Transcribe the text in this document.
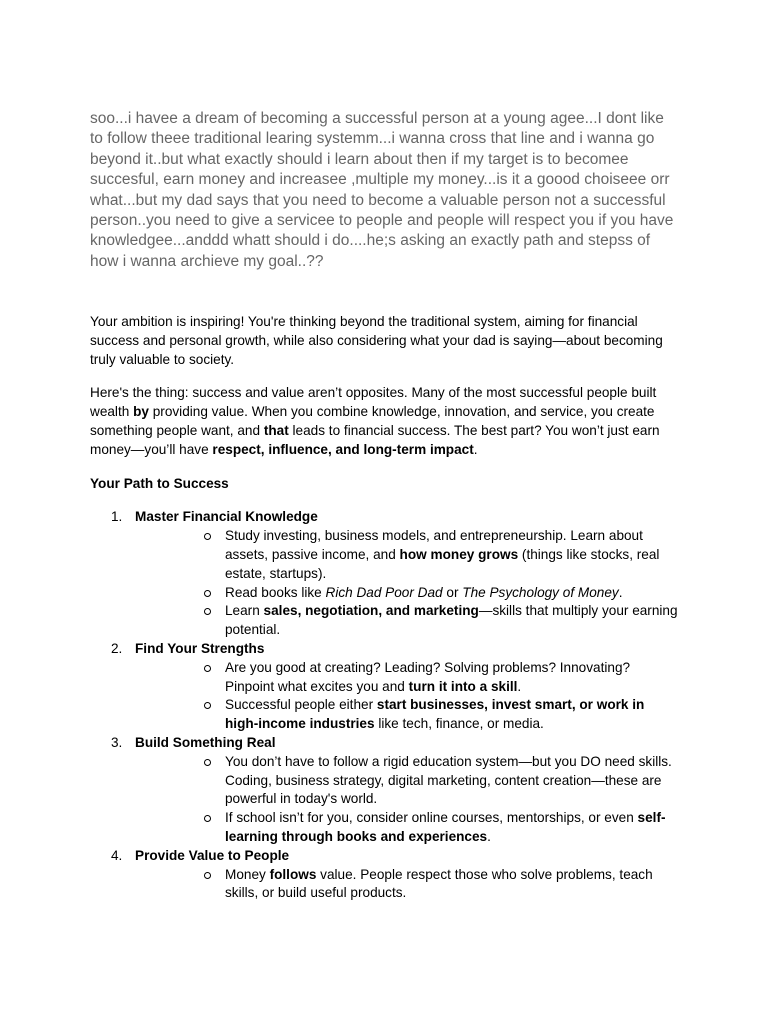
soo...i havee a dream of becoming a successful person at a young agee...I dont like to follow theee traditional learing systemm...i wanna cross that line and i wanna go beyond it..but what exactly should i learn about then if my target is to becomee succesful, earn money and increasee ,multiple my money...is it a goood choiseee orr what...but my dad says that you need to become a valuable person not a successful person..you need to give a servicee to people and people will respect you if you have knowledgee...anddd whatt should i do....he;s asking an exactly path and stepss of how i wanna archieve my goal..??

Your ambition is inspiring! You're thinking beyond the traditional system, aiming for financial success and personal growth, while also considering what your dad is saying—about becoming truly valuable to society.

Here's the thing: success and value aren’t opposites. Many of the most successful people built wealth by providing value. When you combine knowledge, innovation, and service, you create something people want, and that leads to financial success. The best part? You won’t just earn money—you’ll have respect, influence, and long-term impact.

Your Path to Success

1. Master Financial Knowledge
Study investing, business models, and entrepreneurship. Learn about assets, passive income, and how money grows (things like stocks, real estate, startups).
Read books like Rich Dad Poor Dad or The Psychology of Money.
Learn sales, negotiation, and marketing—skills that multiply your earning potential.
2. Find Your Strengths
Are you good at creating? Leading? Solving problems? Innovating? Pinpoint what excites you and turn it into a skill.
Successful people either start businesses, invest smart, or work in high-income industries like tech, finance, or media.
3. Build Something Real
You don’t have to follow a rigid education system—but you DO need skills. Coding, business strategy, digital marketing, content creation—these are powerful in today's world.
If school isn’t for you, consider online courses, mentorships, or even self-learning through books and experiences.
4. Provide Value to People
Money follows value. People respect those who solve problems, teach skills, or build useful products.
